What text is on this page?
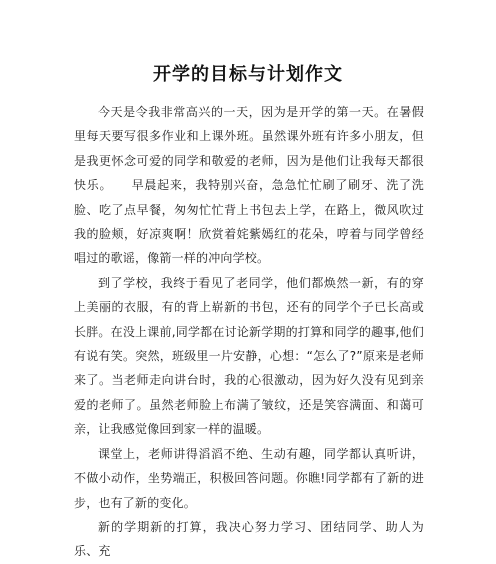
开学的目标与计划作文

今天是令我非常高兴的一天，因为是开学的第一天。在暑假里每天要写很多作业和上课外班。虽然课外班有许多小朋友，但是我更怀念可爱的同学和敬爱的老师，因为是他们让我每天都很快乐。　　早晨起来，我特别兴奋，急急忙忙刷了刷牙、洗了洗脸、吃了点早餐，匆匆忙忙背上书包去上学，在路上，微风吹过我的脸颊，好凉爽啊！欣赏着姹紫嫣红的花朵，哼着与同学曾经唱过的歌谣，像箭一样的冲向学校。

到了学校，我终于看见了老同学，他们都焕然一新，有的穿上美丽的衣服，有的背上崭新的书包，还有的同学个子已长高或长胖。在没上课前,同学都在讨论新学期的打算和同学的趣事,他们有说有笑。突然，班级里一片安静，心想：“怎么了?”原来是老师来了。当老师走向讲台时，我的心很激动，因为好久没有见到亲爱的老师了。虽然老师脸上布满了皱纹，还是笑容满面、和蔼可亲，让我感觉像回到家一样的温暖。

课堂上，老师讲得滔滔不绝、生动有趣，同学都认真听讲，不做小动作，坐势端正，积极回答问题。你瞧!同学都有了新的进步，也有了新的变化。

新的学期新的打算，我决心努力学习、团结同学、助人为乐、充
